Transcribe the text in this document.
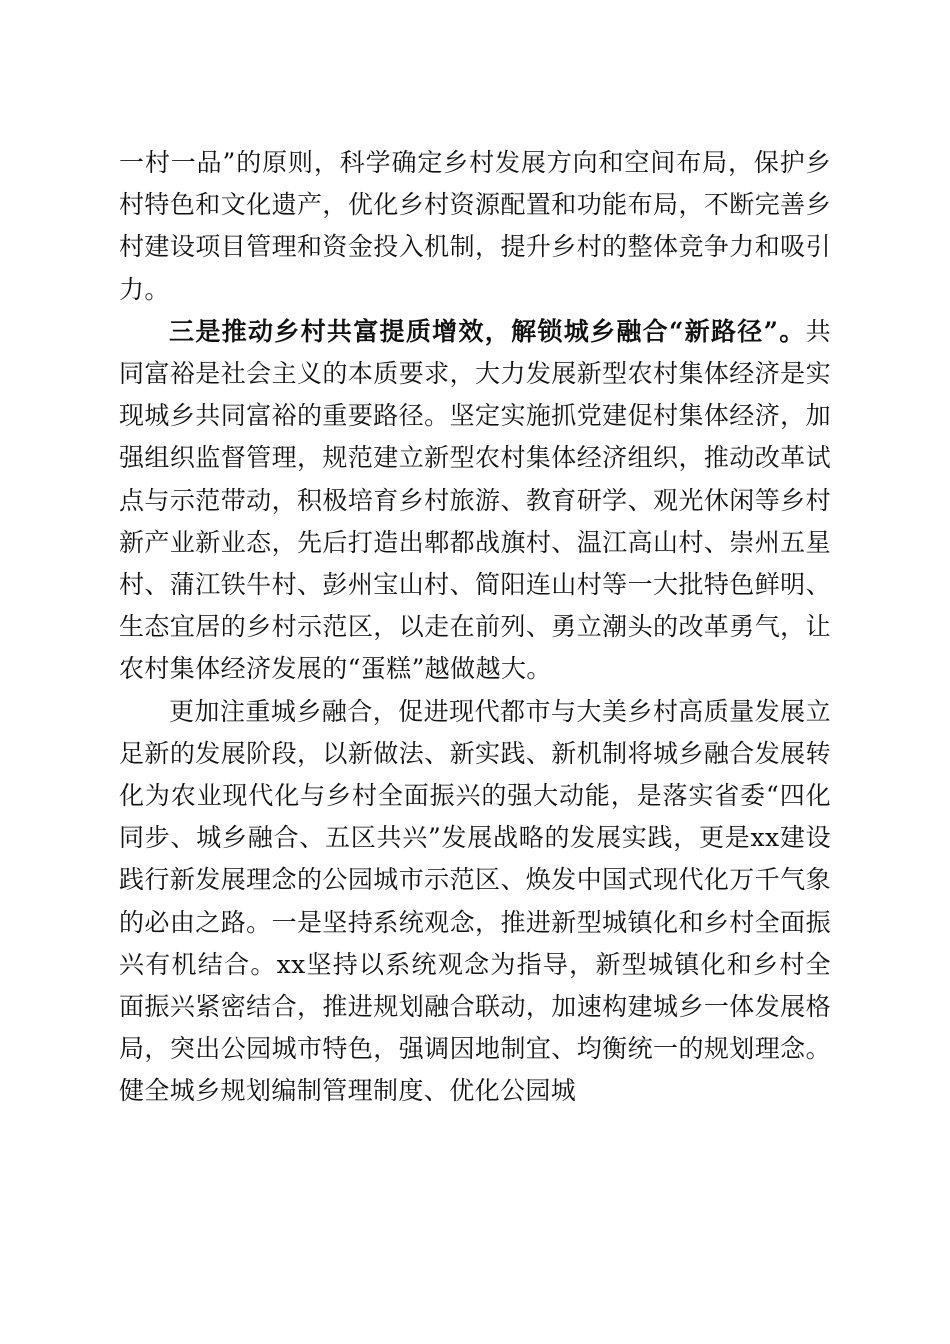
一村一品”的原则，科学确定乡村发展方向和空间布局，保护乡村特色和文化遗产，优化乡村资源配置和功能布局，不断完善乡村建设项目管理和资金投入机制，提升乡村的整体竞争力和吸引力。

三是推动乡村共富提质增效，解锁城乡融合“新路径”。共同富裕是社会主义的本质要求，大力发展新型农村集体经济是实现城乡共同富裕的重要路径。坚定实施抓党建促村集体经济，加强组织监督管理，规范建立新型农村集体经济组织，推动改革试点与示范带动，积极培育乡村旅游、教育研学、观光休闲等乡村新产业新业态，先后打造出郫都战旗村、温江高山村、崇州五星村、蒲江铁牛村、彭州宝山村、简阳连山村等一大批特色鲜明、生态宜居的乡村示范区，以走在前列、勇立潮头的改革勇气，让农村集体经济发展的“蛋糕”越做越大。

更加注重城乡融合，促进现代都市与大美乡村高质量发展立足新的发展阶段，以新做法、新实践、新机制将城乡融合发展转化为农业现代化与乡村全面振兴的强大动能，是落实省委“四化同步、城乡融合、五区共兴”发展战略的发展实践，更是xx建设践行新发展理念的公园城市示范区、焕发中国式现代化万千气象的必由之路。一是坚持系统观念，推进新型城镇化和乡村全面振兴有机结合。xx坚持以系统观念为指导，新型城镇化和乡村全面振兴紧密结合，推进规划融合联动，加速构建城乡一体发展格局，突出公园城市特色，强调因地制宜、均衡统一的规划理念。健全城乡规划编制管理制度、优化公园城
